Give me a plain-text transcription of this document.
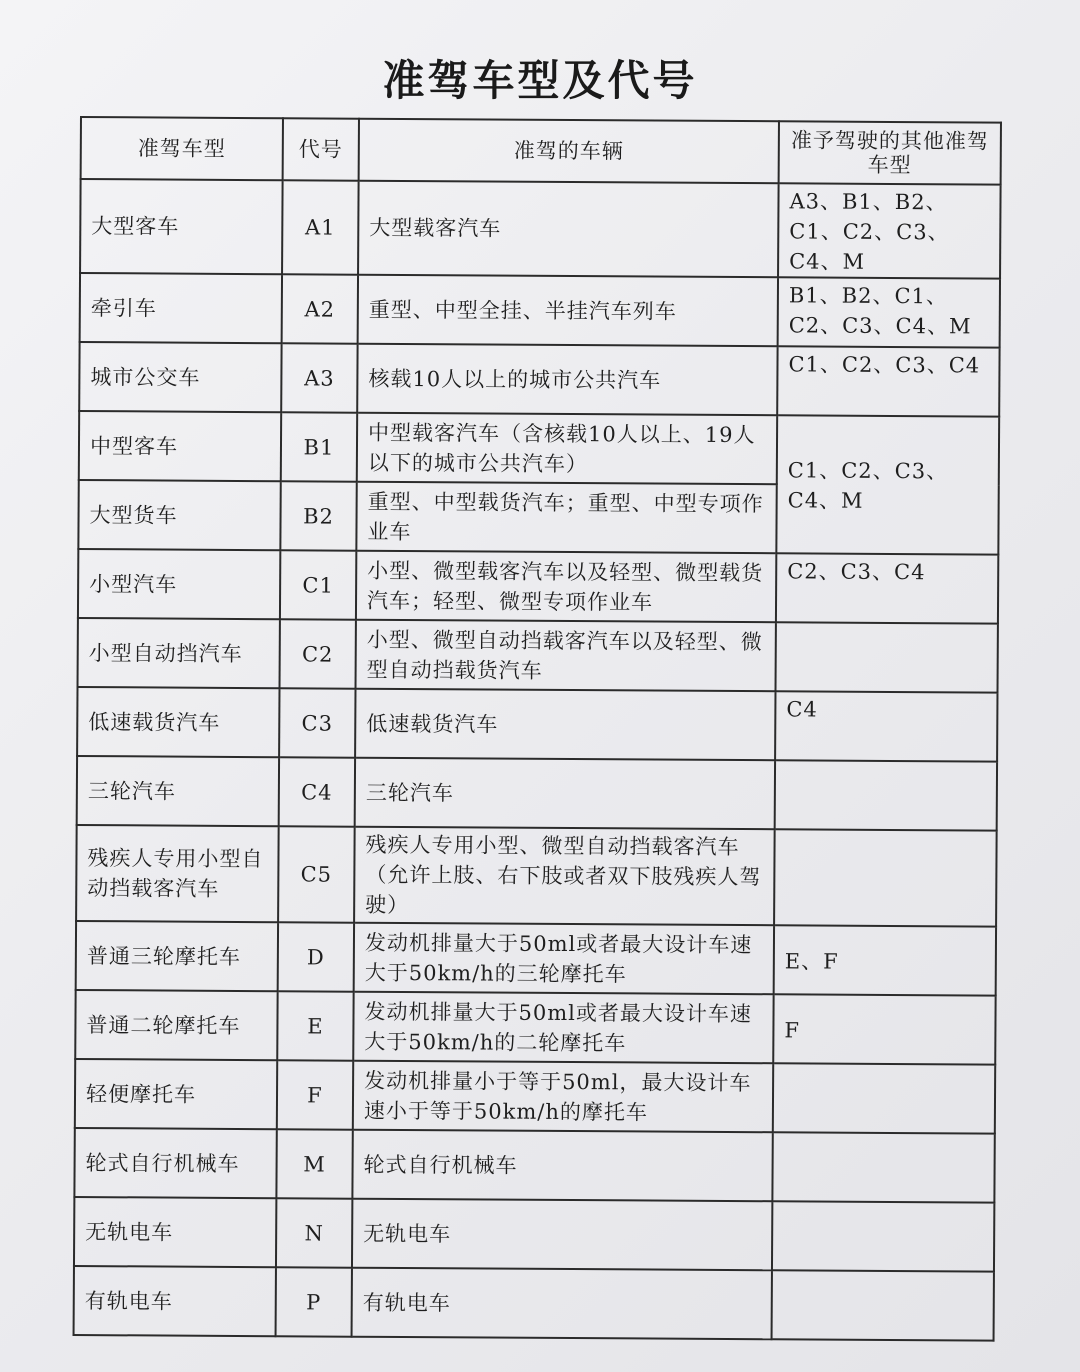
准驾车型及代号
准驾车型	代号	准驾的车辆	准予驾驶的其他准驾车型
大型客车	A1	大型载客汽车	A3、B1、B2、C1、C2、C3、C4、M
牵引车	A2	重型、中型全挂、半挂汽车列车	B1、B2、C1、C2、C3、C4、M
城市公交车	A3	核载10人以上的城市公共汽车	C1、C2、C3、C4
中型客车	B1	中型载客汽车（含核载10人以上、19人以下的城市公共汽车）	C1、C2、C3、C4、M
大型货车	B2	重型、中型载货汽车；重型、中型专项作业车	
小型汽车	C1	小型、微型载客汽车以及轻型、微型载货汽车；轻型、微型专项作业车	C2、C3、C4
小型自动挡汽车	C2	小型、微型自动挡载客汽车以及轻型、微型自动挡载货汽车	
低速载货汽车	C3	低速载货汽车	C4
三轮汽车	C4	三轮汽车	
残疾人专用小型自动挡载客汽车	C5	残疾人专用小型、微型自动挡载客汽车（允许上肢、右下肢或者双下肢残疾人驾驶）	
普通三轮摩托车	D	发动机排量大于50ml或者最大设计车速大于50km/h的三轮摩托车	E、F
普通二轮摩托车	E	发动机排量大于50ml或者最大设计车速大于50km/h的二轮摩托车	F
轻便摩托车	F	发动机排量小于等于50ml，最大设计车速小于等于50km/h的摩托车	
轮式自行机械车	M	轮式自行机械车	
无轨电车	N	无轨电车	
有轨电车	P	有轨电车	
